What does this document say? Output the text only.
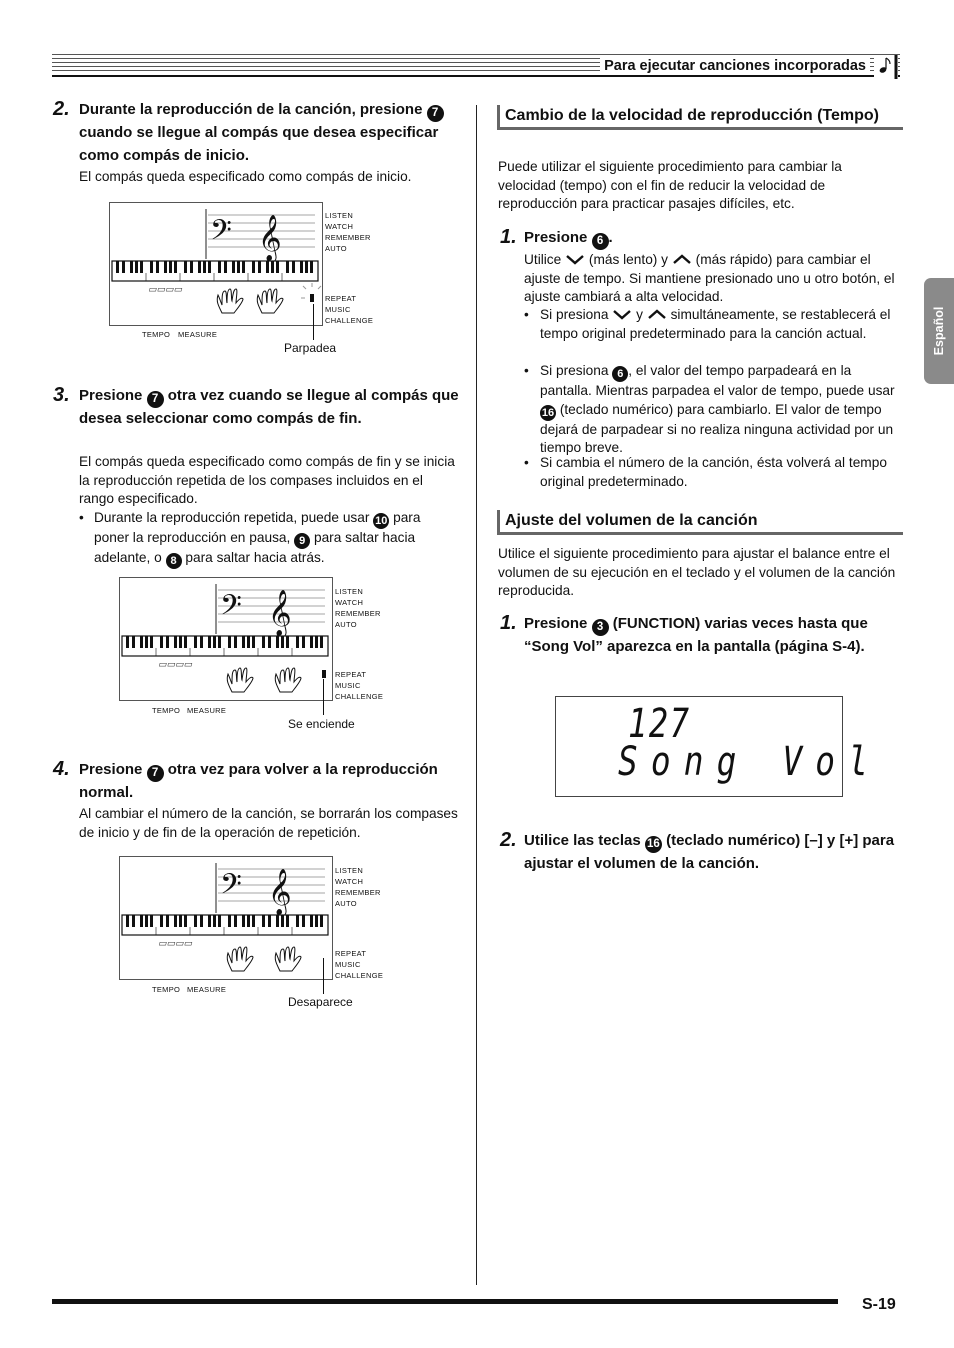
Para ejecutar canciones incorporadas
Español
2. Durante la reproducción de la canción, presione 7 cuando se llegue al compás que desea especificar como compás de inicio.
El compás queda especificado como compás de inicio.
𝄢 𝄞
▭▭▭▭
LISTEN
WATCH
REMEMBER
AUTO
REPEAT
MUSIC
CHALLENGE
TEMPO MEASURE
Parpadea
3. Presione 7 otra vez cuando se llegue al compás que desea seleccionar como compás de fin.
El compás queda especificado como compás de fin y se inicia la reproducción repetida de los compases incluidos en el rango especificado.
• Durante la reproducción repetida, puede usar 10 para poner la reproducción en pausa, 9 para saltar hacia adelante, o 8 para saltar hacia atrás.
𝄢 𝄞
▭▭▭▭
LISTEN
WATCH
REMEMBER
AUTO
REPEAT
MUSIC
CHALLENGE
TEMPO MEASURE
Se enciende
4. Presione 7 otra vez para volver a la reproducción normal.
Al cambiar el número de la canción, se borrarán los compases de inicio y de fin de la operación de repetición.
𝄢 𝄞
▭▭▭▭
LISTEN
WATCH
REMEMBER
AUTO
REPEAT
MUSIC
CHALLENGE
TEMPO MEASURE
Desaparece
Cambio de la velocidad de reproducción (Tempo)
Puede utilizar el siguiente procedimiento para cambiar la velocidad (tempo) con el fin de reducir la velocidad de reproducción para practicar pasajes difíciles, etc.
1. Presione 6 .
Utilice (más lento) y (más rápido) para cambiar el ajuste de tempo. Si mantiene presionado uno u otro botón, el ajuste cambiará a alta velocidad.
• Si presiona y simultáneamente, se restablecerá el tempo original predeterminado para la canción actual.
• Si presiona 6 , el valor del tempo parpadeará en la pantalla. Mientras parpadea el valor de tempo, puede usar 16 (teclado numérico) para cambiarlo. El valor de tempo dejará de parpadear si no realiza ninguna actividad por un tiempo breve.
• Si cambia el número de la canción, ésta volverá al tempo original predeterminado.
Ajuste del volumen de la canción
Utilice el siguiente procedimiento para ajustar el balance entre el volumen de su ejecución en el teclado y el volumen de la canción reproducida.
1. Presione 3 (FUNCTION) varias veces hasta que “Song Vol” aparezca en la pantalla (página S-4).
127
Song Vol
2. Utilice las teclas 16 (teclado numérico) [–] y [+] para ajustar el volumen de la canción.
S-19
